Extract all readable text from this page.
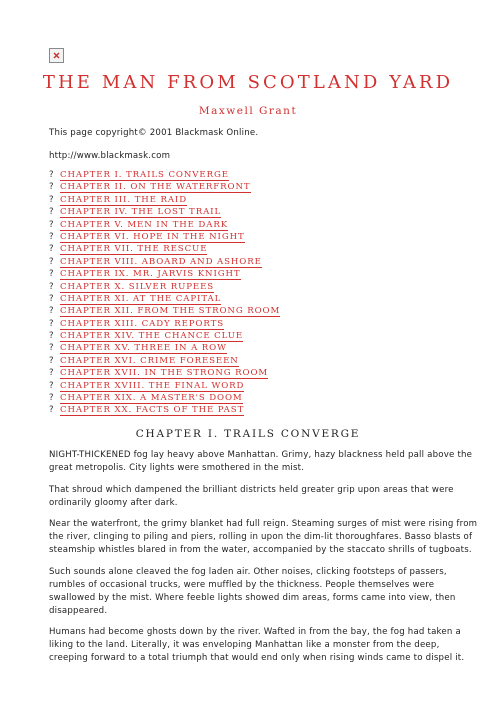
THE MAN FROM SCOTLAND YARD
Maxwell Grant

This page copyright© 2001 Blackmask Online.

http://www.blackmask.com

? CHAPTER I. TRAILS CONVERGE
? CHAPTER II. ON THE WATERFRONT
? CHAPTER III. THE RAID
? CHAPTER IV. THE LOST TRAIL
? CHAPTER V. MEN IN THE DARK
? CHAPTER VI. HOPE IN THE NIGHT
? CHAPTER VII. THE RESCUE
? CHAPTER VIII. ABOARD AND ASHORE
? CHAPTER IX. MR. JARVIS KNIGHT
? CHAPTER X. SILVER RUPEES
? CHAPTER XI. AT THE CAPITAL
? CHAPTER XII. FROM THE STRONG ROOM
? CHAPTER XIII. CADY REPORTS
? CHAPTER XIV. THE CHANCE CLUE
? CHAPTER XV. THREE IN A ROW
? CHAPTER XVI. CRIME FORESEEN
? CHAPTER XVII. IN THE STRONG ROOM
? CHAPTER XVIII. THE FINAL WORD
? CHAPTER XIX. A MASTER'S DOOM
? CHAPTER XX. FACTS OF THE PAST
CHAPTER I. TRAILS CONVERGE

NIGHT-THICKENED fog lay heavy above Manhattan. Grimy, hazy blackness held pall above the great metropolis. City lights were smothered in the mist.

That shroud which dampened the brilliant districts held greater grip upon areas that were ordinarily gloomy after dark.

Near the waterfront, the grimy blanket had full reign. Steaming surges of mist were rising from the river, clinging to piling and piers, rolling in upon the dim-lit thoroughfares. Basso blasts of steamship whistles blared in from the water, accompanied by the staccato shrills of tugboats.

Such sounds alone cleaved the fog laden air. Other noises, clicking footsteps of passers, rumbles of occasional trucks, were muffled by the thickness. People themselves were swallowed by the mist. Where feeble lights showed dim areas, forms came into view, then disappeared.

Humans had become ghosts down by the river. Wafted in from the bay, the fog had taken a liking to the land. Literally, it was enveloping Manhattan like a monster from the deep, creeping forward to a total triumph that would end only when rising winds came to dispel it.
